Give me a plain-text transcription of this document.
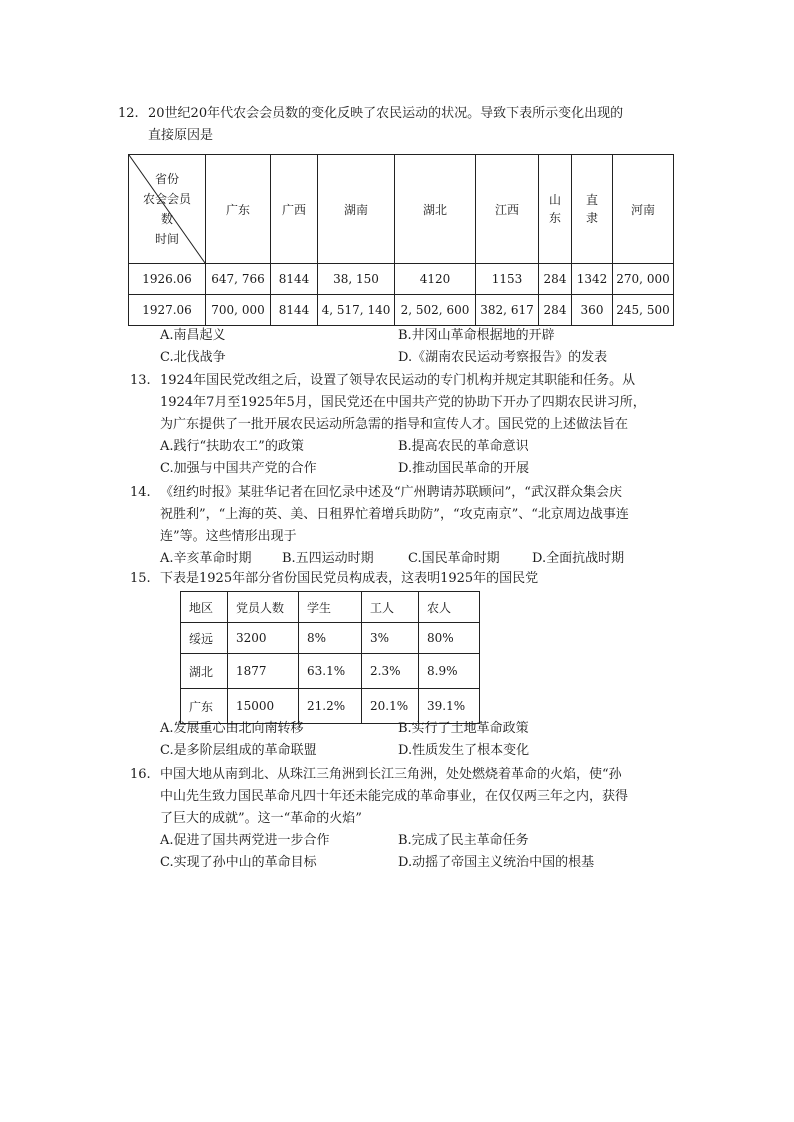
12. 20世纪20年代农会会员数的变化反映了农民运动的状况。导致下表所示变化出现的

直接原因是

省份
农会会员
数
时间	广东	广西	湖南	湖北	江西	山东	直隶	河南
1926.06	647, 766	8144	38, 150	4120	1153	284	1342	270, 000
1927.06	700, 000	8144	4, 517, 140	2, 502, 600	382, 617	284	360	245, 500
A.南昌起义	B.井冈山革命根据地的开辟
C.北伐战争	D.《湖南农民运动考察报告》的发表
13. 1924年国民党改组之后，设置了领导农民运动的专门机构并规定其职能和任务。从

1924年7月至1925年5月，国民党还在中国共产党的协助下开办了四期农民讲习所，

为广东提供了一批开展农民运动所急需的指导和宣传人才。国民党的上述做法旨在

A.践行“扶助农工”的政策	B.提高农民的革命意识
C.加强与中国共产党的合作	D.推动国民革命的开展
14. 《纽约时报》某驻华记者在回忆录中述及“广州聘请苏联顾问”，“武汉群众集会庆

祝胜利”，“上海的英、美、日租界忙着增兵助防”，“攻克南京”、“北京周边战事连

连”等。这些情形出现于

A.辛亥革命时期 B.五四运动时期	C.国民革命时期 D.全面抗战时期
15. 下表是1925年部分省份国民党员构成表，这表明1925年的国民党

地区	党员人数	学生	工人	农人
绥远	3200	8%	3%	80%
湖北	1877	63.1%	2.3%	8.9%
广东	15000	21.2%	20.1%	39.1%
A.发展重心由北向南转移	B.实行了土地革命政策
C.是多阶层组成的革命联盟	D.性质发生了根本变化
16. 中国大地从南到北、从珠江三角洲到长江三角洲，处处燃烧着革命的火焰，使“孙

中山先生致力国民革命凡四十年还未能完成的革命事业，在仅仅两三年之内，获得

了巨大的成就”。这一“革命的火焰”

A.促进了国共两党进一步合作	B.完成了民主革命任务
C.实现了孙中山的革命目标	D.动摇了帝国主义统治中国的根基
